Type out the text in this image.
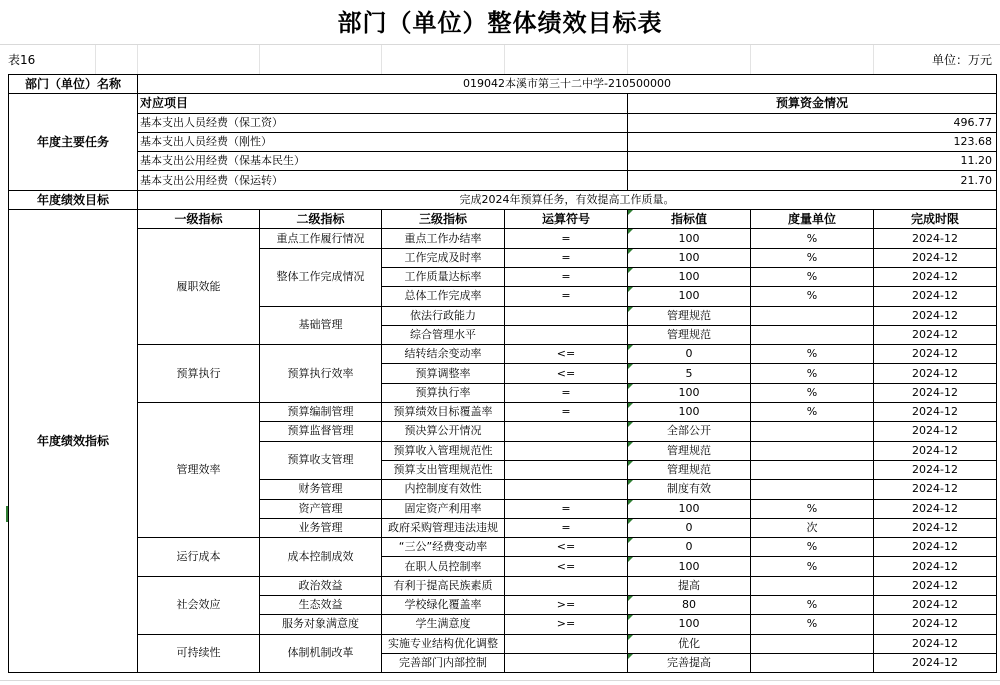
部门（单位）整体绩效目标表
表16	单位：万元
部门（单位）名称	019042本溪市第三十二中学-210500000						
年度主要任务	对应项目				预算资金情况		
	基本支出人员经费（保工资）				496.77		
	基本支出人员经费（刚性）				123.68		
	基本支出公用经费（保基本民生）				11.20		
	基本支出公用经费（保运转）				21.70		
年度绩效目标	完成2024年预算任务，有效提高工作质量。						
年度绩效指标	一级指标	二级指标	三级指标	运算符号	指标值	度量单位	完成时限
	履职效能	重点工作履行情况	重点工作办结率	=	100	%	2024-12
		整体工作完成情况	工作完成及时率	=	100	%	2024-12
			工作质量达标率	=	100	%	2024-12
			总体工作完成率	=	100	%	2024-12
		基础管理	依法行政能力		管理规范		2024-12
			综合管理水平		管理规范		2024-12
	预算执行	预算执行效率	结转结余变动率	<=	0	%	2024-12
			预算调整率	<=	5	%	2024-12
			预算执行率	=	100	%	2024-12
	管理效率	预算编制管理	预算绩效目标覆盖率	=	100	%	2024-12
		预算监督管理	预决算公开情况		全部公开		2024-12
		预算收支管理	预算收入管理规范性		管理规范		2024-12
			预算支出管理规范性		管理规范		2024-12
		财务管理	内控制度有效性		制度有效		2024-12
		资产管理	固定资产利用率	=	100	%	2024-12
		业务管理	政府采购管理违法违规	=	0	次	2024-12
	运行成本	成本控制成效	“三公”经费变动率	<=	0	%	2024-12
			在职人员控制率	<=	100	%	2024-12
	社会效应	政治效益	有利于提高民族素质		提高		2024-12
		生态效益	学校绿化覆盖率	>=	80	%	2024-12
		服务对象满意度	学生满意度	>=	100	%	2024-12
	可持续性	体制机制改革	实施专业结构优化调整		优化		2024-12
			完善部门内部控制		完善提高		2024-12
